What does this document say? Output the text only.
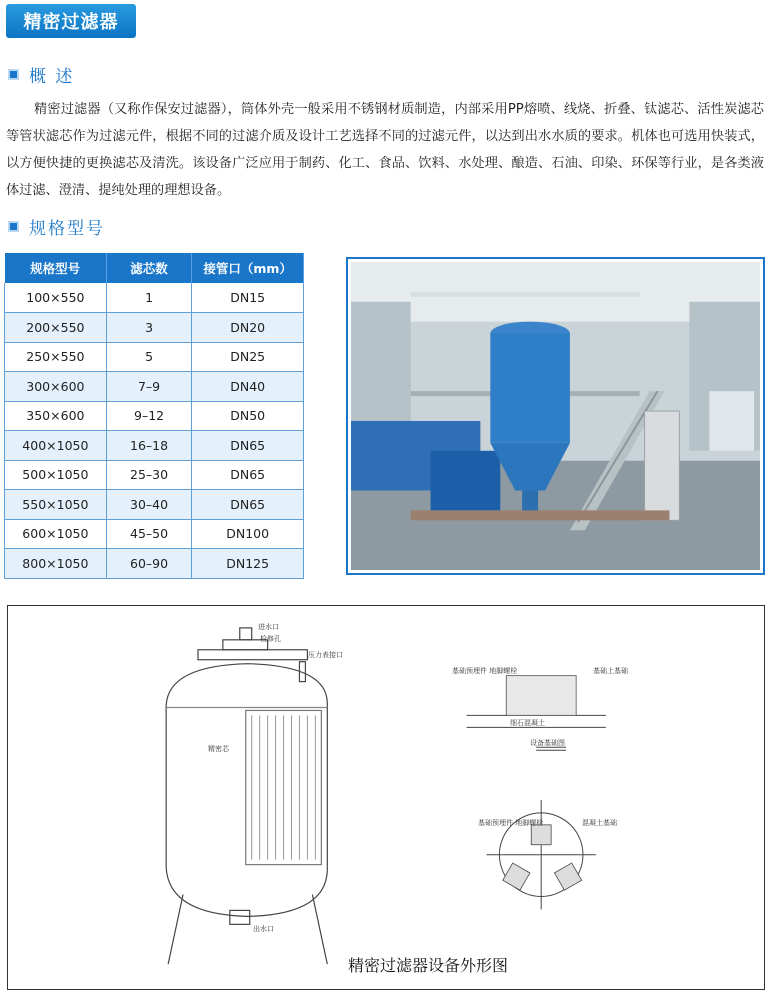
精密过滤器
概 述

精密过滤器（又称作保安过滤器），筒体外壳一般采用不锈钢材质制造，内部采用PP熔喷、线烧、折叠、钛滤芯、活性炭滤芯等管状滤芯作为过滤元件，根据不同的过滤介质及设计工艺选择不同的过滤元件，以达到出水水质的要求。机体也可选用快装式，以方便快捷的更换滤芯及清洗。该设备广泛应用于制药、化工、食品、饮料、水处理、酿造、石油、印染、环保等行业，是各类液体过滤、澄清、提纯处理的理想设备。

规格型号
规格型号	滤芯数	接管口（mm）
100×550	1	DN15
200×550	3	DN20
250×550	5	DN25
300×600	7–9	DN40
350×600	9–12	DN50
400×1050	16–18	DN65
500×1050	25–30	DN65
550×1050	30–40	DN65
600×1050	45–50	DN100
800×1050	60–90	DN125
进水口
检修孔
压力表接口
精密芯
出水口
基础预埋件 地脚螺栓	基础上基础
细石混凝土
设备基础图
基础预埋件 地脚螺栓	混凝土基础
精密过滤器设备外形图
